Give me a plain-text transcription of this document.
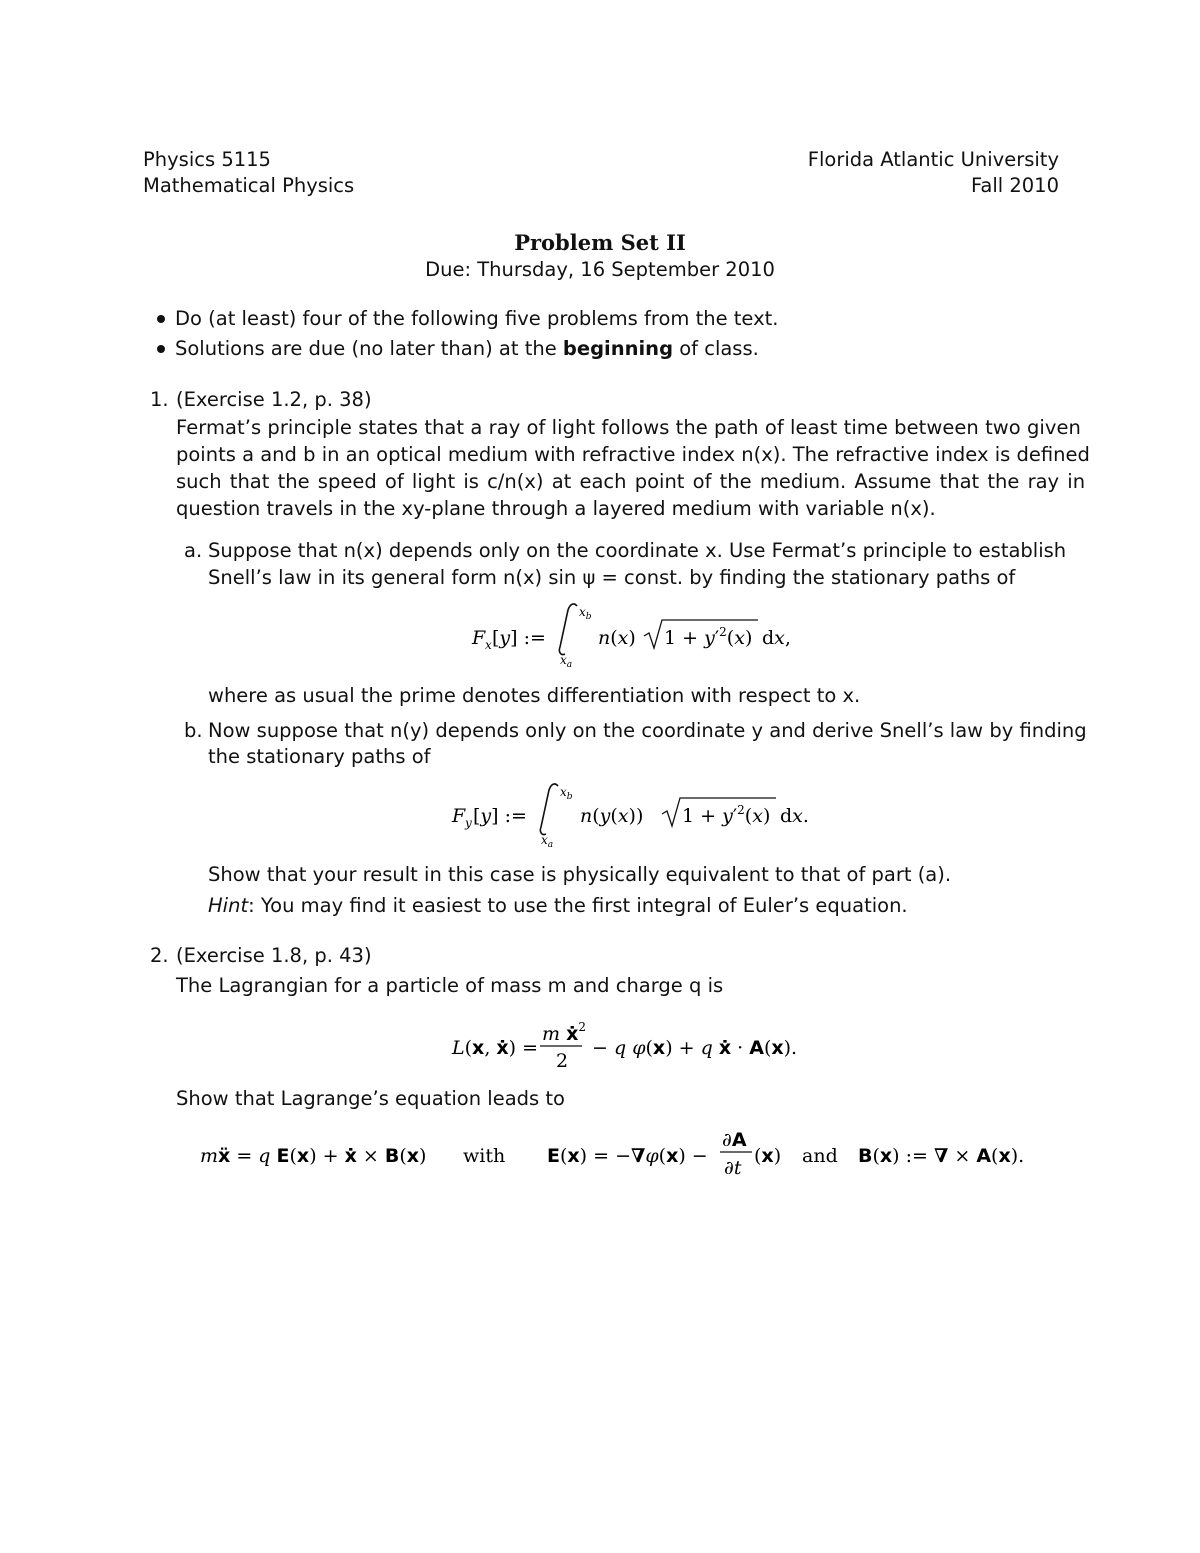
Physics 5115
Mathematical Physics
Florida Atlantic University
Fall 2010
Problem Set II
Due: Thursday, 16 September 2010
Do (at least) four of the following five problems from the text.
Solutions are due (no later than) at the beginning of class.
1. (Exercise 1.2, p. 38)
Fermat’s principle states that a ray of light follows the path of least time between two given
points a and b in an optical medium with refractive index n(x). The refractive index is defined
such that the speed of light is c/n(x) at each point of the medium. Assume that the ray in
question travels in the xy-plane through a layered medium with variable n(x).
a. Suppose that n(x) depends only on the coordinate x. Use Fermat’s principle to establish
Snell’s law in its general form n(x) sin ψ = const. by finding the stationary paths of
F x [y] :=
$x_b$
$x_a$
n(x) $1 + y'^2(x)$ dx,
where as usual the prime denotes differentiation with respect to x.
b. Now suppose that n(y) depends only on the coordinate y and derive Snell’s law by finding
the stationary paths of
F y [y] :=
$x_b$
$x_a$
n(y(x)) $1 + y'^2(x)$ dx.
Show that your result in this case is physically equivalent to that of part (a).
Hint: You may find it easiest to use the first integral of Euler’s equation.
2. (Exercise 1.8, p. 43)
The Lagrangian for a particle of mass m and charge q is
L(x, ẋ) =
m ẋ$^2$
2
− q φ(x) + q ẋ · A(x).
Show that Lagrange’s equation leads to
mẍ = q E(x) + ẋ × B(x) with E(x) = −∇φ(x) −
∂A
∂t
(x) and B(x) := ∇ × A(x).
